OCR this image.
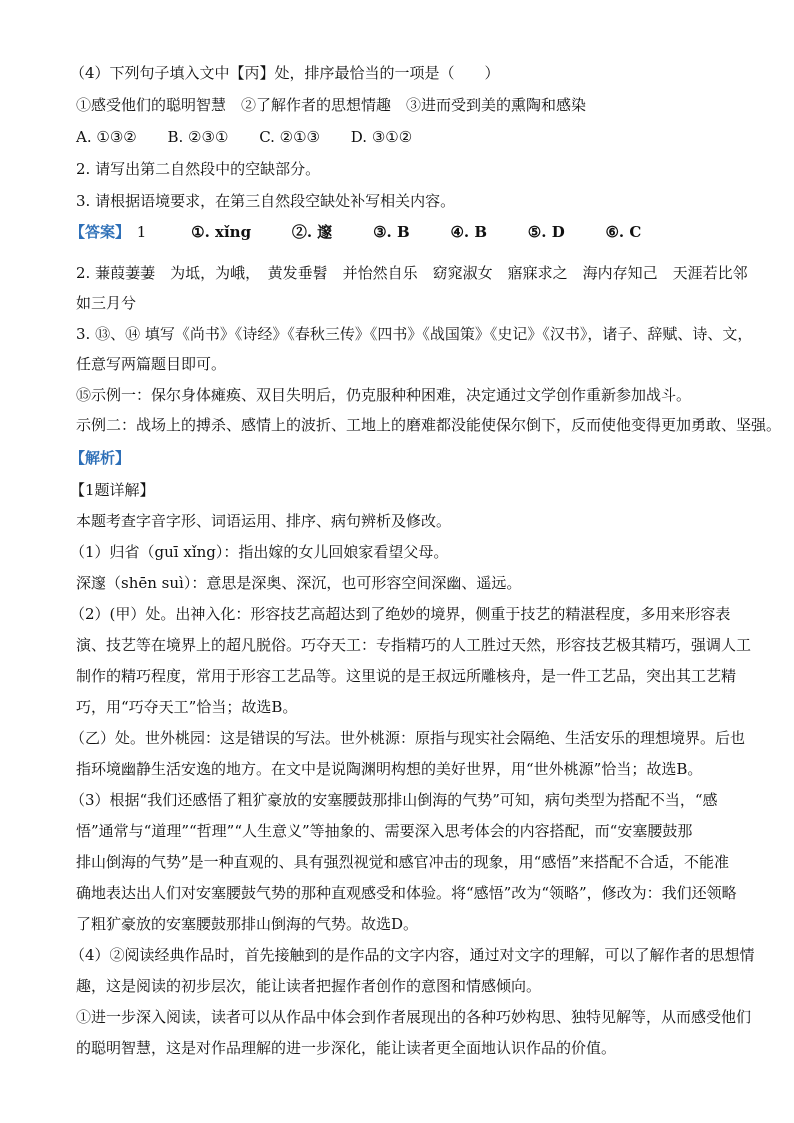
（4）下列句子填入文中【丙】处，排序最恰当的一项是（　　）
①感受他们的聪明智慧　②了解作者的思想情趣　③进而受到美的熏陶和感染
A. ①③② B. ②③① C. ②①③ D. ③①②
2. 请写出第二自然段中的空缺部分。
3. 请根据语境要求，在第三自然段空缺处补写相关内容。
【答案】 1	①. xǐng	②. 邃	③. B	④. B	⑤. D	⑥. C
2. 蒹葭萋萋　为坻，为峨，　黄发垂髫　并怡然自乐　窈窕淑女　寤寐求之　海内存知己　天涯若比邻
如三月兮
3. ⑬、⑭ 填写《尚书》《诗经》《春秋三传》《四书》《战国策》《史记》《汉书》，诸子、辞赋、诗、文，
任意写两篇题目即可。
⑮示例一：保尔身体瘫痪、双目失明后，仍克服种种困难，决定通过文学创作重新参加战斗。
示例二：战场上的搏杀、感情上的波折、工地上的磨难都没能使保尔倒下，反而使他变得更加勇敢、坚强。
【解析】
【1题详解】
本题考查字音字形、词语运用、排序、病句辨析及修改。
（1）归省（guī xǐng）：指出嫁的女儿回娘家看望父母。
深邃（shēn suì）：意思是深奥、深沉，也可形容空间深幽、遥远。
（2）(甲）处。出神入化：形容技艺高超达到了绝妙的境界，侧重于技艺的精湛程度，多用来形容表
演、技艺等在境界上的超凡脱俗。巧夺天工：专指精巧的人工胜过天然，形容技艺极其精巧，强调人工
制作的精巧程度，常用于形容工艺品等。这里说的是王叔远所雕核舟，是一件工艺品，突出其工艺精
巧，用“巧夺天工”恰当；故选B。
（乙）处。世外桃园：这是错误的写法。世外桃源：原指与现实社会隔绝、生活安乐的理想境界。后也
指环境幽静生活安逸的地方。在文中是说陶渊明构想的美好世界，用“世外桃源”恰当；故选B。
（3）根据“我们还感悟了粗犷豪放的安塞腰鼓那排山倒海的气势”可知，病句类型为搭配不当，“感
悟”通常与“道理”“哲理”“人生意义”等抽象的、需要深入思考体会的内容搭配，而“安塞腰鼓那
排山倒海的气势”是一种直观的、具有强烈视觉和感官冲击的现象，用“感悟”来搭配不合适，不能准
确地表达出人们对安塞腰鼓气势的那种直观感受和体验。将“感悟”改为“领略”，修改为：我们还领略
了粗犷豪放的安塞腰鼓那排山倒海的气势。故选D。
（4）②阅读经典作品时，首先接触到的是作品的文字内容，通过对文字的理解，可以了解作者的思想情
趣，这是阅读的初步层次，能让读者把握作者创作的意图和情感倾向。
①进一步深入阅读，读者可以从作品中体会到作者展现出的各种巧妙构思、独特见解等，从而感受他们
的聪明智慧，这是对作品理解的进一步深化，能让读者更全面地认识作品的价值。
